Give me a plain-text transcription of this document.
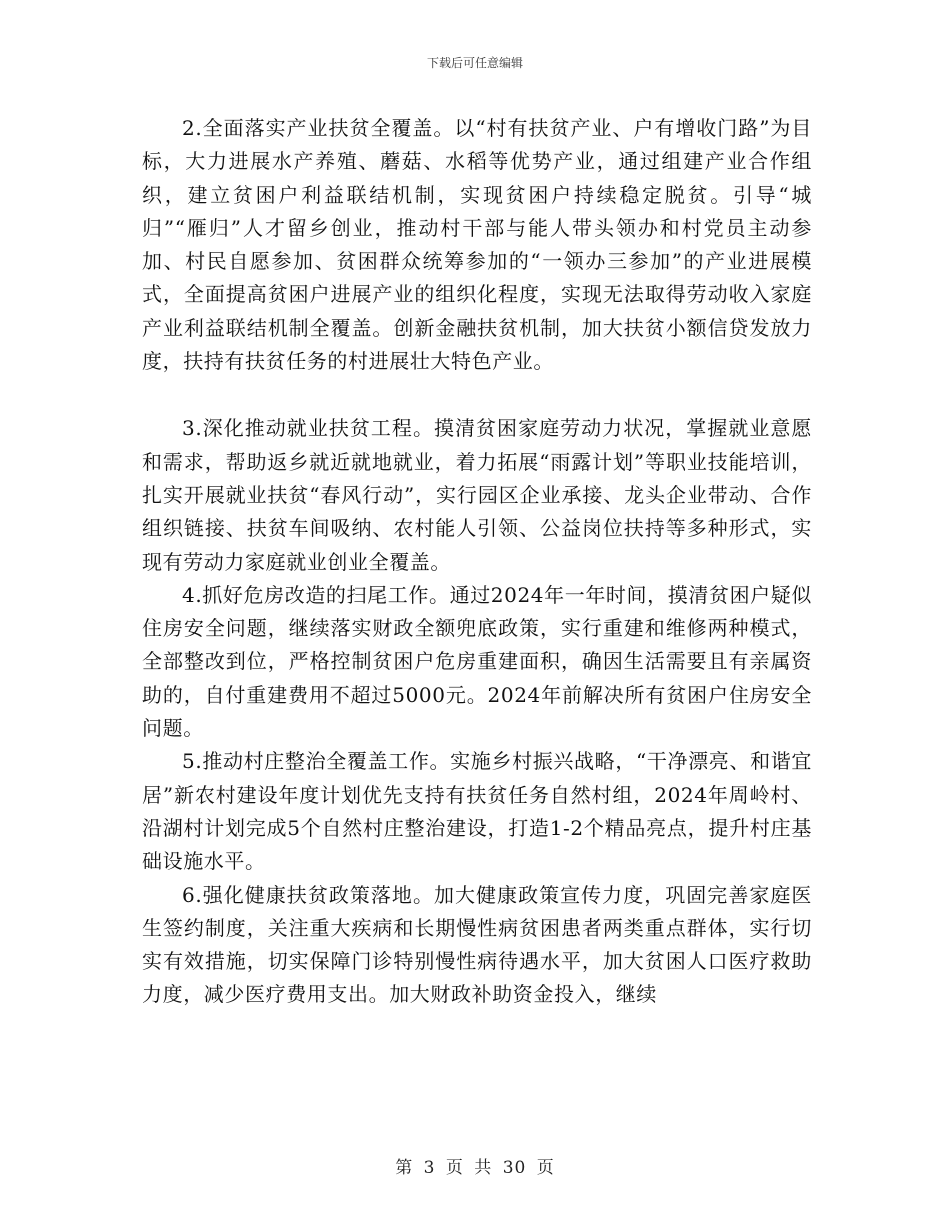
下载后可任意编辑

2.全面落实产业扶贫全覆盖。以“村有扶贫产业、户有增收门路”为目标，大力进展水产养殖、蘑菇、水稻等优势产业，通过组建产业合作组织，建立贫困户利益联结机制，实现贫困户持续稳定脱贫。引导“城归”“雁归”人才留乡创业，推动村干部与能人带头领办和村党员主动参加、村民自愿参加、贫困群众统筹参加的“一领办三参加”的产业进展模式，全面提高贫困户进展产业的组织化程度，实现无法取得劳动收入家庭产业利益联结机制全覆盖。创新金融扶贫机制，加大扶贫小额信贷发放力度，扶持有扶贫任务的村进展壮大特色产业。

3.深化推动就业扶贫工程。摸清贫困家庭劳动力状况，掌握就业意愿和需求，帮助返乡就近就地就业，着力拓展“雨露计划”等职业技能培训，扎实开展就业扶贫“春风行动”，实行园区企业承接、龙头企业带动、合作组织链接、扶贫车间吸纳、农村能人引领、公益岗位扶持等多种形式，实现有劳动力家庭就业创业全覆盖。

4.抓好危房改造的扫尾工作。通过2024年一年时间，摸清贫困户疑似住房安全问题，继续落实财政全额兜底政策，实行重建和维修两种模式，全部整改到位，严格控制贫困户危房重建面积，确因生活需要且有亲属资助的，自付重建费用不超过5000元。2024年前解决所有贫困户住房安全问题。

5.推动村庄整治全覆盖工作。实施乡村振兴战略，“干净漂亮、和谐宜居”新农村建设年度计划优先支持有扶贫任务自然村组，2024年周岭村、沿湖村计划完成5个自然村庄整治建设，打造1-2个精品亮点，提升村庄基础设施水平。

6.强化健康扶贫政策落地。加大健康政策宣传力度，巩固完善家庭医生签约制度，关注重大疾病和长期慢性病贫困患者两类重点群体，实行切实有效措施，切实保障门诊特别慢性病待遇水平，加大贫困人口医疗救助力度，减少医疗费用支出。加大财政补助资金投入，继续

第 3 页 共 30 页
